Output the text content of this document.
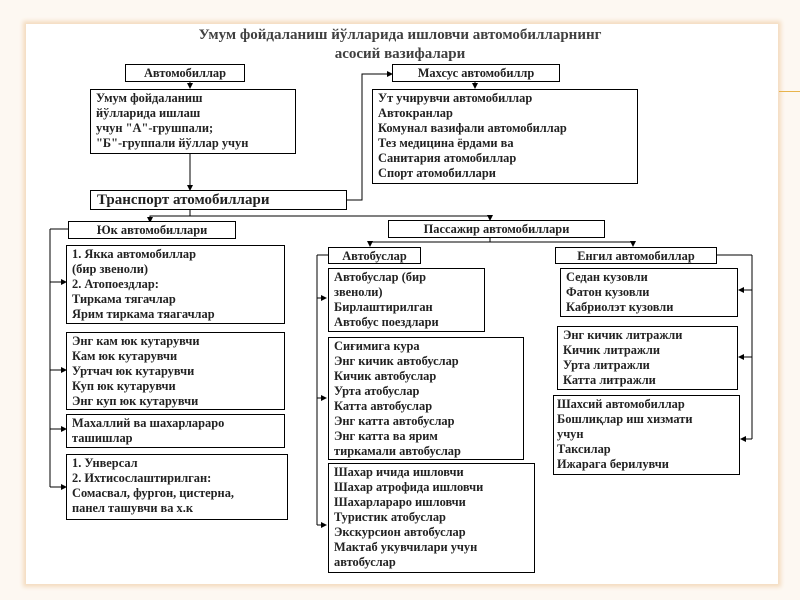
Умум фойдаланиш йўлларида ишловчи автомобилларнинг
асосий вазифалари
Автомобиллар	Махсус автомобиллр
Умум фойдаланиш
йўлларида ишлаш
учун "А"-грушпали;
"Б"-группали йўллар учун
Ут учирувчи автомобиллар
Автокранлар
Комунал вазифали автомобиллар
Тез медицина ёрдами ва
Санитария атомобиллар
Спорт атомобиллари
Транспорт атомобиллари
Юк автомобиллари	Пассажир автомобиллари
1. Якка автомобиллар
(бир звеноли)
2. Атопоездлар:
Тиркама тягачлар
Ярим тиркама тяагачлар
Энг кам юк кутарувчи
Кам юк кутарувчи
Уртчач юк кутарувчи
Куп юк кутарувчи
Энг куп юк кутарувчи
Махаллий ва шахарлараро
ташишлар
1. Унверсал
2. Ихтисослаштирилган:
Сомасвал, фургон, цистерна,
панел ташувчи ва х.к
Автобуслар
Автобуслар (бир
звеноли)
Бирлаштирилган
Автобус поездлари
Сиғимига кура
Энг кичик автобуслар
Кичик автобуслар
Урта атобуслар
Катта автобуслар
Энг катта автобуслар
Энг катта ва ярим
тиркамали автобуслар
Шахар ичида ишловчи
Шахар атрофида ишловчи
Шахарлараро ишловчи
Туристик атобуслар
Экскурсион автобуслар
Мактаб укувчилари учун
автобуслар
Енгил автомобиллар
Седан кузовли
Фатон кузовли
Кабриолэт кузовли
Энг кичик литражли
Кичик литражли
Урта литражли
Катта литражли
Шахсий автомобиллар
Бошлиқлар иш хизмати
учун
Таксилар
Ижарага берилувчи
